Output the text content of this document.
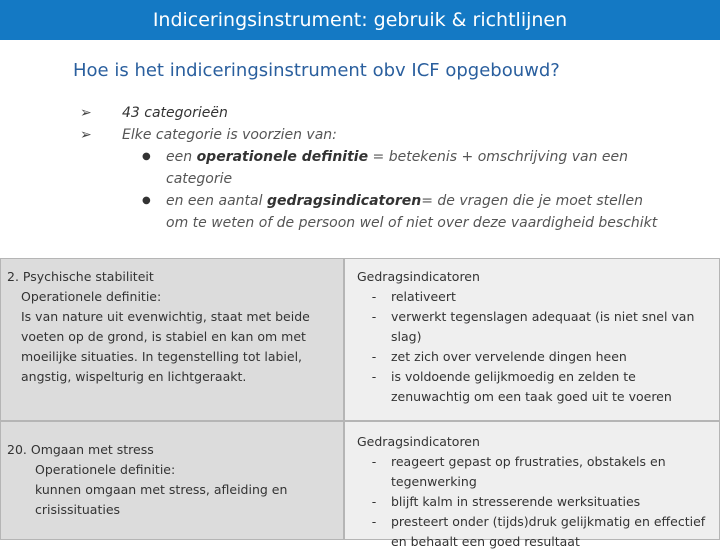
Indiceringsinstrument: gebruik & richtlijnen
Hoe is het indiceringsinstrument obv ICF opgebouwd?
➢	43 categorieën
➢	Elke categorie is voorzien van:
●	een operationele definitie = betekenis + omschrijving van een categorie
●	en een aantal gedragsindicatoren= de vragen die je moet stellen om te weten of de persoon wel of niet over deze vaardigheid beschikt
2. Psychische stabiliteit
Operationele definitie:
Is van nature uit evenwichtig, staat met beide voeten op de grond, is stabiel en kan om met moeilijke situaties. In tegenstelling tot labiel, angstig, wispelturig en lichtgeraakt.
Gedragsindicatoren
-	relativeert
-	verwerkt tegenslagen adequaat (is niet snel van slag)
-	zet zich over vervelende dingen heen
-	is voldoende gelijkmoedig en zelden te zenuwachtig om een taak goed uit te voeren
20. Omgaan met stress
Operationele definitie:
kunnen omgaan met stress, afleiding en crisissituaties
Gedragsindicatoren
-	reageert gepast op frustraties, obstakels en tegenwerking
-	blijft kalm in stresserende werksituaties
-	presteert onder (tijds)druk gelijkmatig en effectief en behaalt een goed resultaat
